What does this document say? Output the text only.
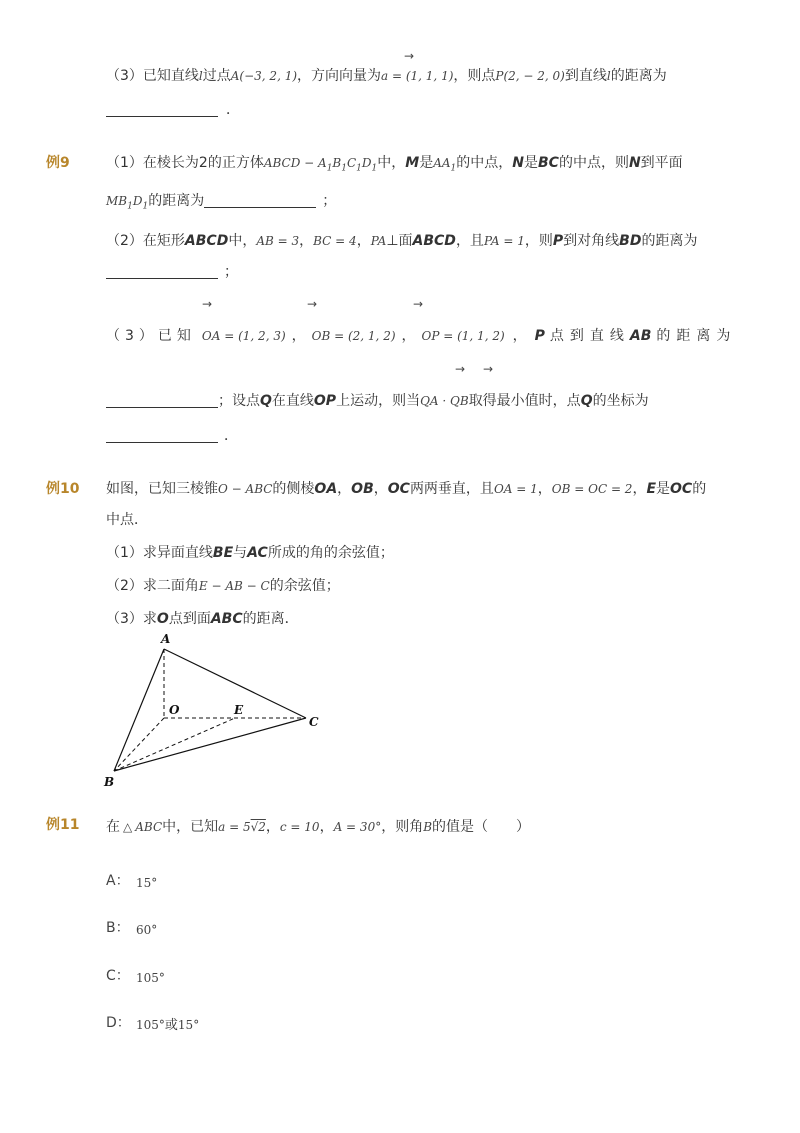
→
（3）已知直线l过点A(−3, 2, 1)，方向向量为a = (1, 1, 1)，则点P(2, − 2, 0)到直线l的距离为
．
例9	（1）在棱长为2的正方体ABCD − $A_1B_1C_1D_1$中，M是$AA_1$的中点，N是BC的中点，则N到平面
$MB_1D_1$的距离为	；
（2）在矩形ABCD中，AB = 3，BC = 4，PA⊥面ABCD，且PA = 1，则P到对角线BD的距离为
；
→	→	→
（3）已知 OA = (1, 2, 3) ， OB = (2, 1, 2) ， OP = (1, 1, 2) ， P 点到直线AB 的距离为
→ →
；设点Q在直线OP上运动，则当QA · QB取得最小值时，点Q的坐标为
．
例10 如图，已知三棱锥O − ABC的侧棱OA，OB，OC两两垂直，且OA = 1，OB = OC = 2，E是OC的
中点．
（1）求异面直线BE与AC所成的角的余弦值；
（2）求二面角E − AB − C的余弦值；
（3）求O点到面ABC的距离．
A
O	E
C
B
例11 在 △ ABC中，已知a = 5√2，c = 10，A = 30°，则角B的值是（　　）
A： 15°
B： 60°
C： 105°
D： 105°或15°
